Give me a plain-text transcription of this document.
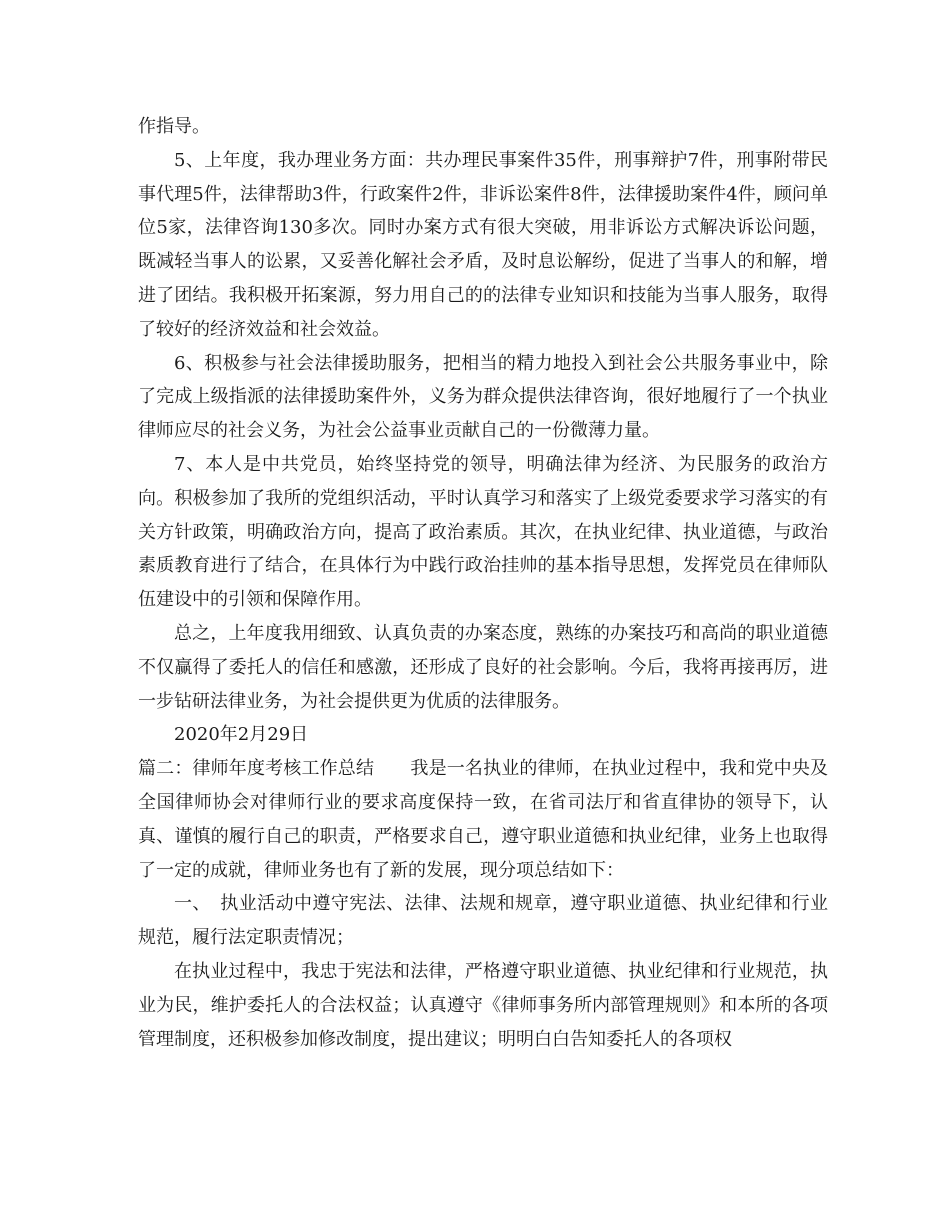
作指导。

5、上年度，我办理业务方面：共办理民事案件35件，刑事辩护7件，刑事附带民事代理5件，法律帮助3件，行政案件2件，非诉讼案件8件，法律援助案件4件，顾问单位5家，法律咨询130多次。同时办案方式有很大突破，用非诉讼方式解决诉讼问题，既减轻当事人的讼累，又妥善化解社会矛盾，及时息讼解纷，促进了当事人的和解，增进了团结。我积极开拓案源，努力用自己的的法律专业知识和技能为当事人服务，取得了较好的经济效益和社会效益。

6、积极参与社会法律援助服务，把相当的精力地投入到社会公共服务事业中，除了完成上级指派的法律援助案件外，义务为群众提供法律咨询，很好地履行了一个执业律师应尽的社会义务，为社会公益事业贡献自己的一份微薄力量。

7、本人是中共党员，始终坚持党的领导，明确法律为经济、为民服务的政治方向。积极参加了我所的党组织活动，平时认真学习和落实了上级党委要求学习落实的有关方针政策，明确政治方向，提高了政治素质。其次，在执业纪律、执业道德，与政治素质教育进行了结合，在具体行为中践行政治挂帅的基本指导思想，发挥党员在律师队伍建设中的引领和保障作用。

总之，上年度我用细致、认真负责的办案态度，熟练的办案技巧和高尚的职业道德不仅赢得了委托人的信任和感激，还形成了良好的社会影响。今后，我将再接再厉，进一步钻研法律业务，为社会提供更为优质的法律服务。

2020年2月29日

篇二：律师年度考核工作总结　　我是一名执业的律师，在执业过程中，我和党中央及全国律师协会对律师行业的要求高度保持一致，在省司法厅和省直律协的领导下，认真、谨慎的履行自己的职责，严格要求自己，遵守职业道德和执业纪律，业务上也取得了一定的成就，律师业务也有了新的发展，现分项总结如下：

一、　执业活动中遵守宪法、法律、法规和规章，遵守职业道德、执业纪律和行业规范，履行法定职责情况；

在执业过程中，我忠于宪法和法律，严格遵守职业道德、执业纪律和行业规范，执业为民，维护委托人的合法权益；认真遵守《律师事务所内部管理规则》和本所的各项管理制度，还积极参加修改制度，提出建议；明明白白告知委托人的各项权
